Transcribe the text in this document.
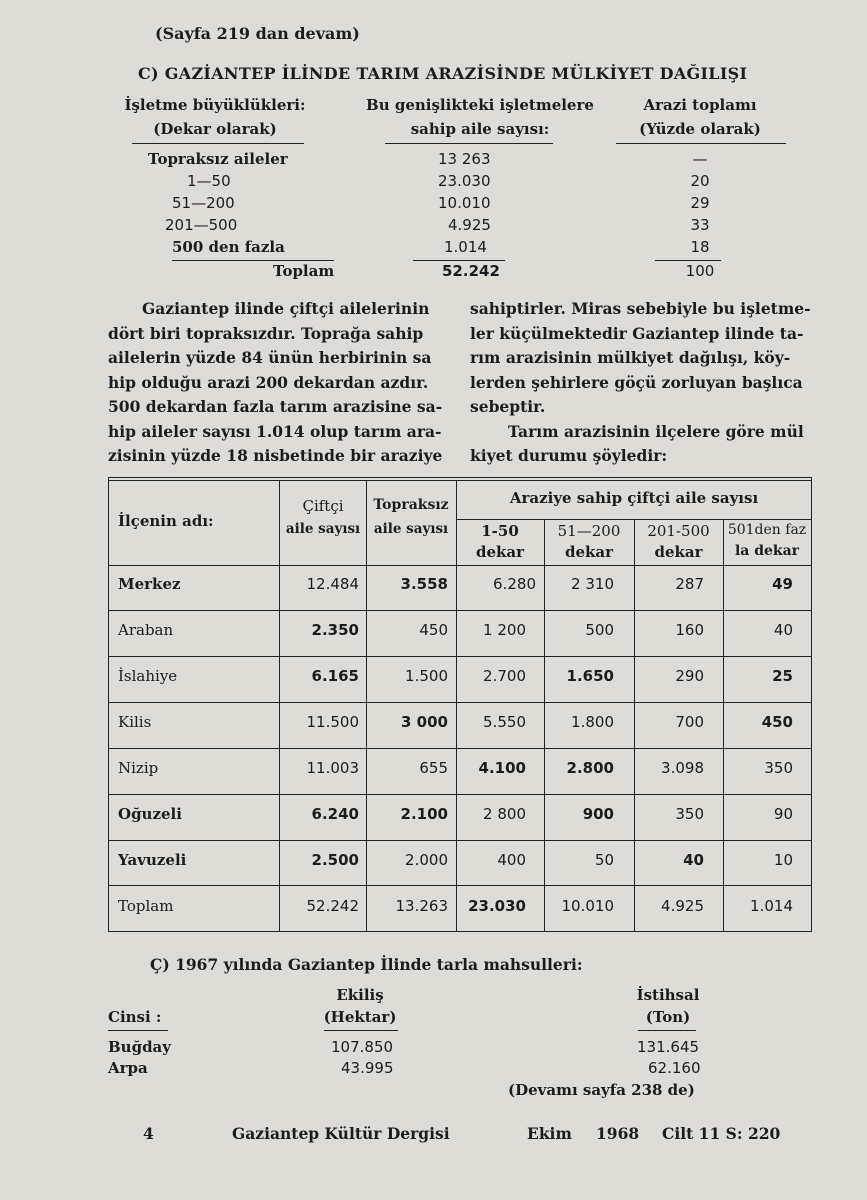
(Sayfa 219 dan devam)
C) GAZİANTEP İLİNDE TARIM ARAZİSİNDE MÜLKİYET DAĞILIŞI
İşletme büyüklükleri:
(Dekar olarak)
Bu genişlikteki işletmelere
sahip aile sayısı:
Arazi toplamı
(Yüzde olarak)
Topraksız aileler	13 263	—
1—50	23.030	20
51—200	10.010	29
201—500	4.925	33
500 den fazla	1.014	18
Toplam	52.242	100
Gaziantep ilinde çiftçi ailelerinin
dört biri topraksızdır. Toprağa sahip
ailelerin yüzde 84 ünün herbirinin sa
hip olduğu arazi 200 dekardan azdır.
500 dekardan fazla tarım arazisine sa-
hip aileler sayısı 1.014 olup tarım ara-
zisinin yüzde 18 nisbetinde bir araziye
sahiptirler. Miras sebebiyle bu işletme-
ler küçülmektedir Gaziantep ilinde ta-
rım arazisinin mülkiyet dağılışı, köy-
lerden şehirlere göçü zorluyan başlıca
sebeptir.
Tarım arazisinin ilçelere göre mül
kiyet durumu şöyledir:
İlçenin adı:
Çiftçi
aile sayısı
Topraksız
aile sayısı
Araziye sahip çiftçi aile sayısı
1-50
dekar
51—200
dekar
201-500
dekar
501den faz
la dekar
Merkez	12.484	3.558	6.280	2 310	287	49
Araban	2.350	450	1 200	500	160	40
İslahiye	6.165	1.500	2.700	1.650	290	25
Kilis	11.500	3 000	5.550	1.800	700	450
Nizip	11.003	655	4.100	2.800	3.098	350
Oğuzeli	6.240	2.100	2 800	900	350	90
Yavuzeli	2.500	2.000	400	50	40	10
Toplam	52.242	13.263	23.030	10.010	4.925	1.014
Ç) 1967 yılında Gaziantep İlinde tarla mahsulleri:
Ekiliş
(Hektar)
İstihsal
(Ton)
Cinsi :
Buğday	107.850	131.645
Arpa	43.995	62.160
(Devamı sayfa 238 de)
4	Gaziantep Kültür Dergisi	Ekim 1968 Cilt 11 S: 220
